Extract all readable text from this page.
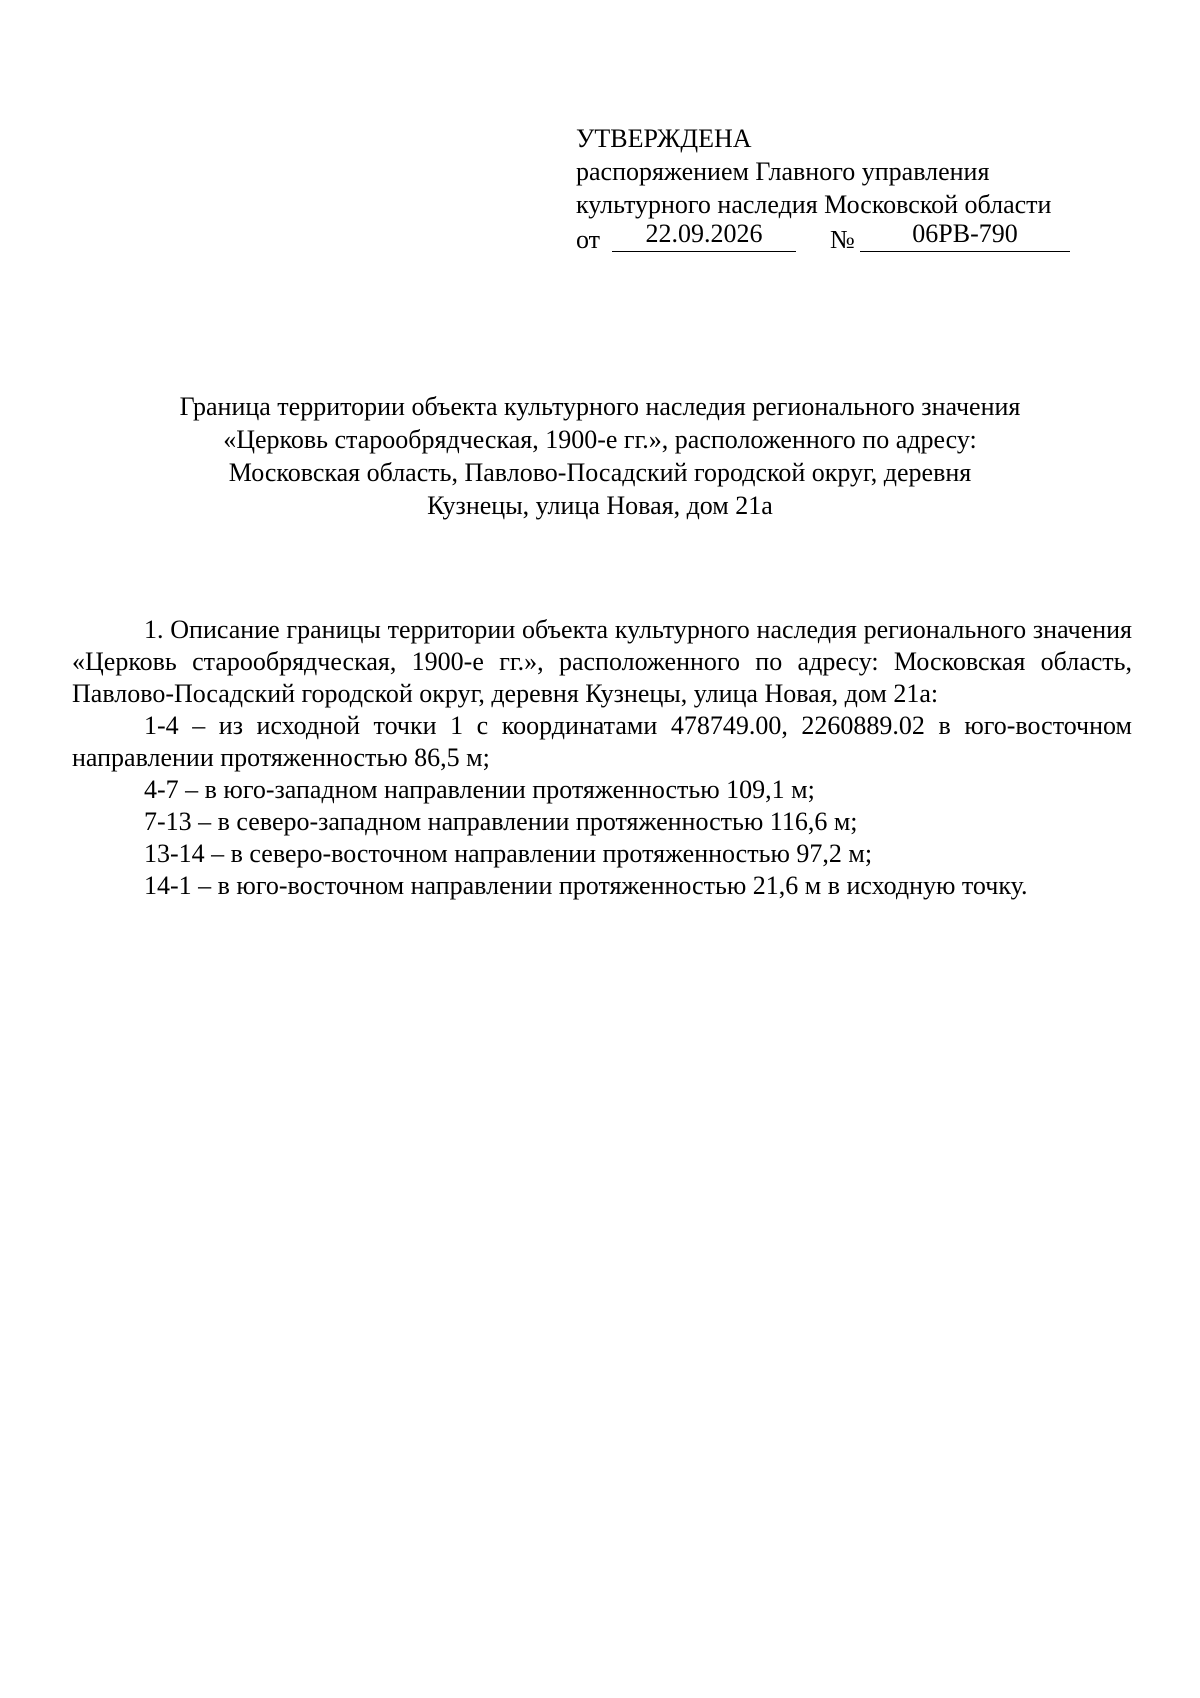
УТВЕРЖДЕНА
распоряжением Главного управления
культурного наследия Московской области
от	22.09.2026	№	06РВ-790
Граница территории объекта культурного наследия регионального значения
«Церковь старообрядческая, 1900-е гг.», расположенного по адресу:
Московская область, Павлово-Посадский городской округ, деревня
Кузнецы, улица Новая, дом 21а

1. Описание границы территории объекта культурного наследия регионального значения «Церковь старообрядческая, 1900-е гг.», расположенного по адресу: Московская область, Павлово-Посадский городской округ, деревня Кузнецы, улица Новая, дом 21а:

1-4 – из исходной точки 1 с координатами 478749.00, 2260889.02 в юго-восточном направлении протяженностью 86,5 м;

4-7 – в юго-западном направлении протяженностью 109,1 м;

7-13 – в северо-западном направлении протяженностью 116,6 м;

13-14 – в северо-восточном направлении протяженностью 97,2 м;

14-1 – в юго-восточном направлении протяженностью 21,6 м в исходную точку.
